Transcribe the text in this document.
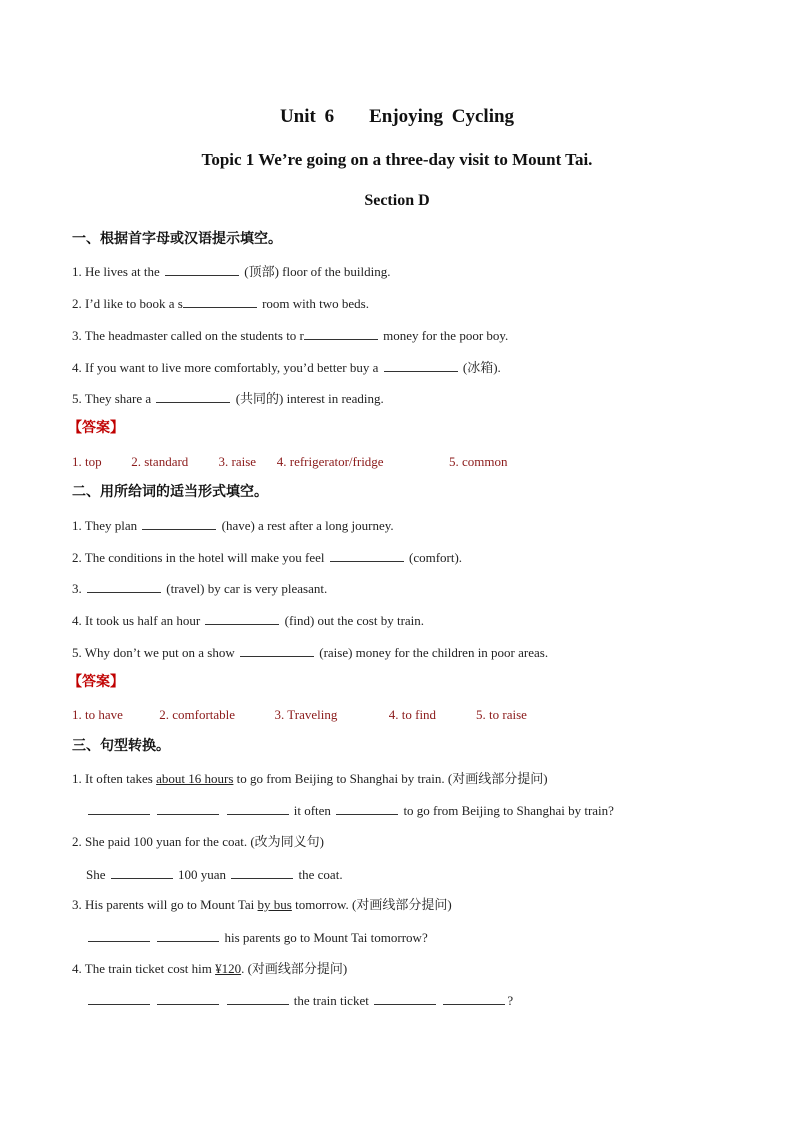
Unit 6    Enjoying Cycling
Topic 1 We’re going on a three-day visit to Mount Tai.
Section D
一、根据首字母或汉语提示填空。
1. He lives at the	(顶部) floor of the building.
2. I’d like to book a s	room with two beds.
3. The headmaster called on the students to r	money for the poor boy.
4. If you want to live more comfortably, you’d better buy a	(冰箱).
5. They share a	(共同的) interest in reading.
【答案】
1. top 2. standard 3. raise 4. refrigerator/fridge	5. common
二、用所给词的适当形式填空。
1. They plan	(have) a rest after a long journey.
2. The conditions in the hotel will make you feel	(comfort).
3.	(travel) by car is very pleasant.
4. It took us half an hour	(find) out the cost by train.
5. Why don’t we put on a show	(raise) money for the children in poor areas.
【答案】
1. to have	2. comfortable	3. Traveling	4. to find	5. to raise
三、句型转换。
1. It often takes about 16 hours to go from Beijing to Shanghai by train. (对画线部分提问)
it often	to go from Beijing to Shanghai by train?
2. She paid 100 yuan for the coat. (改为同义句)
She	100 yuan	the coat.
3. His parents will go to Mount Tai by bus tomorrow. (对画线部分提问)
his parents go to Mount Tai tomorrow?
4. The train ticket cost him ¥120. (对画线部分提问)
the train ticket	?
